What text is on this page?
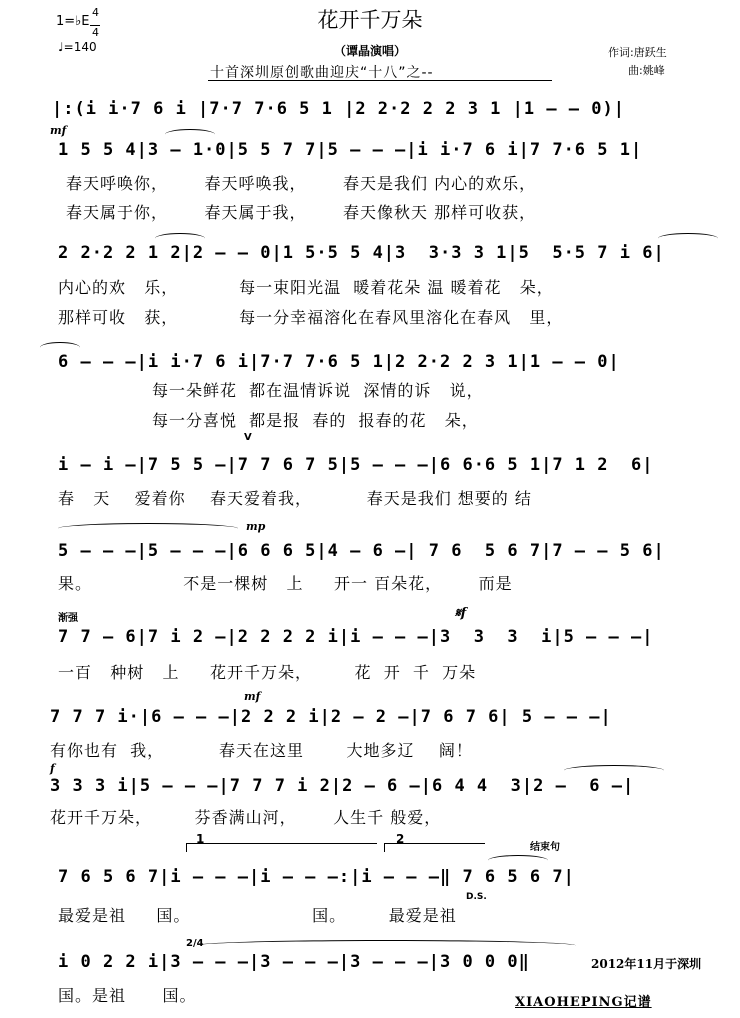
花开千万朵
（谭晶演唱）
十首深圳原创歌曲迎庆“十八”之--
作词:唐跃生
曲:姚峰
1=♭E
4
4
♩=140
|:(i i·7 6 i |7·7 7·6 5 1 |2 2·2 2 2 3 1 |1 – – 0)|
mf
1 5 5 4|3 – 1·0|5 5 7 7|5 – – –|i i·7 6 i|7 7·6 5 1|
春天呼唤你，      春天呼唤我，      春天是我们 内心的欢乐，
春天属于你，      春天属于我，      春天像秋天 那样可收获，
2 2·2 2 1 2|2 – – 0|1 5·5 5 4|3  3·3 3 1|5  5·5 7 i 6|
内心的欢   乐，          每一束阳光温  暖着花朵 温 暖着花   朵，
那样可收   获，          每一分幸福溶化在春风里溶化在春风   里，
6 – – –|i i·7 6 i|7·7 7·6 5 1|2 2·2 2 3 1|1 – – 0|
每一朵鲜花  都在温情诉说  深情的诉   说，
每一分喜悦  都是报  春的  报春的花   朵，
V
i – i –|7 5 5 –|7 7 6 7 5|5 – – –|6 6·6 5 1|7 1 2  6|
春   天    爱着你    春天爱着我，         春天是我们 想要的 结
mp
5 – – –|5 – – –|6 6 6 5|4 – 6 –| 7 6  5 6 7|7 – – 5 6|
果。               不是一棵树   上     开一 百朵花，      而是
渐强	𝄋f
7 7 – 6|7 i 2 –|2 2 2 2 i|i – – –|3  3  3  i|5 – – –|
一百   种树   上     花开千万朵，       花  开  千  万朵
mf
7 7 7 i·|6 – – –|2 2 2 i|2 – 2 –|7 6 7 6| 5 – – –|
有你也有  我，         春天在这里       大地多辽    阔！
f
3 3 3 i|5 – – –|7 7 7 i 2|2 – 6 –|6 4 4  3|2 –  6 –|
花开千万朵，       芬香满山河，      人生千 般爱，
1	2
结束句
7 6 5 6 7|i – – –|i – – –:|i – – –‖ 7 6 5 6 7|
D.S.
最爱是祖     国。                    国。       最爱是祖
2/4
i 0 2 2 i|3 – – –|3 – – –|3 – – –|3 0 0 0‖
国。是祖      国。
2012年11月于深圳
XIAOHEPING记谱
